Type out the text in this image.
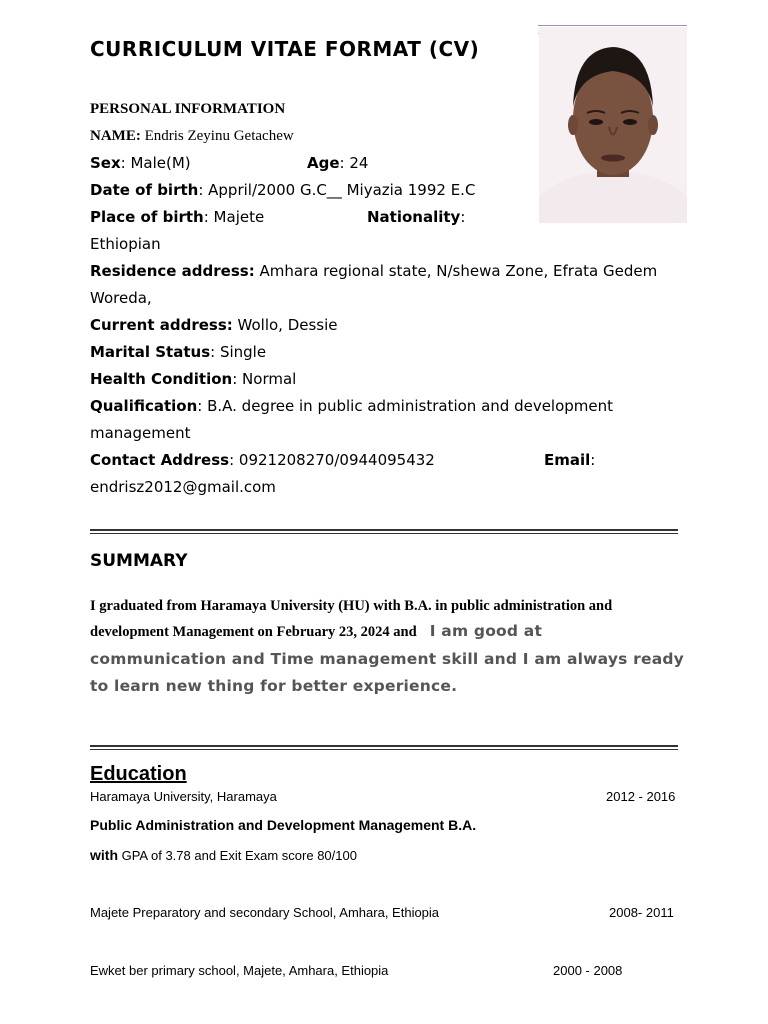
CURRICULUM VITAE FORMAT (CV)
PERSONAL INFORMATION
NAME: Endris Zeyinu Getachew
Sex: Male(M)	Age: 24
Date of birth: Appril/2000 G.C__ Miyazia 1992 E.C
Place of birth: Majete	Nationality:
Ethiopian
Residence address: Amhara regional state, N/shewa Zone, Efrata Gedem
Woreda,
Current address: Wollo, Dessie
Marital Status: Single
Health Condition: Normal
Qualification: B.A. degree in public administration and development
management
Contact Address: 0921208270/0944095432	Email:
endrisz2012@gmail.com
SUMMARY
I graduated from Haramaya University (HU) with B.A. in public administration and
development Management on February 23, 2024 and I am good at
communication and Time management skill and I am always ready
to learn new thing for better experience.
Education
Haramaya University, Haramaya	2012 - 2016
Public Administration and Development Management B.A.
with GPA of 3.78 and Exit Exam score 80/100
Majete Preparatory and secondary School, Amhara, Ethiopia	2008- 2011
Ewket ber primary school, Majete, Amhara, Ethiopia	2000 - 2008
